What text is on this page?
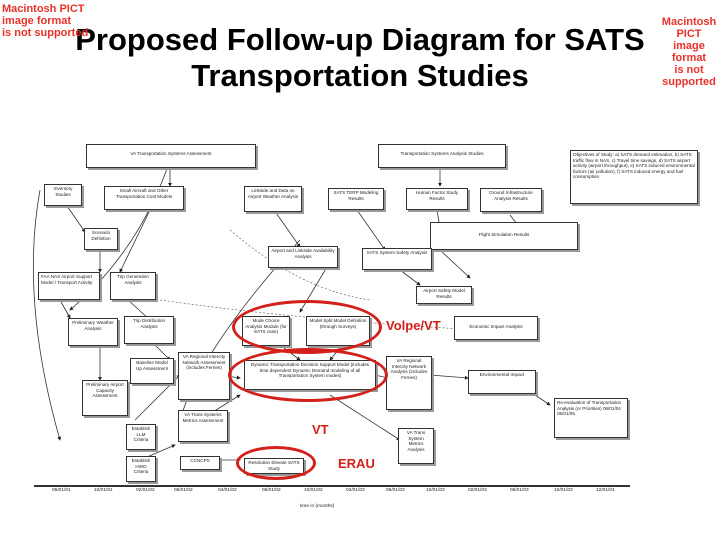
Proposed Follow-up Diagram for SATS
Transportation Studies
Macintosh PICT
image format
is not supported
Macintosh PICT
image format
is not supported
VA Transportation Systems Assessment	Transportation Systems Analysis Studies	Objectives of Study: a) SATS demand estimation, b) SATS traffic flow in NAS, c) Travel time savings, d) SATS airport activity (airport throughput), e) SATS induced environmental factors (air pollution), f) SATS induced energy and fuel consumption
Inventory Studies
Small Aircraft and Other Transportation Cost Models
Linkside and Data on Airport Weather Analysis
SATS TERP Modeling Results
Human Factor Study Results
Ground Infrastructure Analysis Results
Scenario Definition
Flight Simulation Results
Airport and Linkside Availability Analysis
SATS System Safety Analysis
FAA NAS Airport Support Model / Transport Activity
Trip Generation Analysis
Airport Safety Model Results
Preliminary Weather Analysis
Trip Distribution Analysis
Mode Choice Analysis Module (for SATS case)
Model Split Model Definition (through Surveys)	Economic Impact Analysis
Baseline Model Up Assessment
VA Regional Intercity Network Assessment (includes Ferries)
Dynamic Transportation Decision Support Model (includes time dependent Dynamic Demand modeling of all Transportation System modes)
VA Regional Intercity Network Analysis (includes Ferries)
Environmental Impact
Preliminary Airport Capacity Assessment
VA Trans Systems Metrics Assessment
Re-evaluation of Transportation Analysis (or Priorities) 06/01/04 05/01/05
Establish LLM Criteria
VA Trans System Metrics Analysis
Establish HWO Criteria
CCNCPS	Resolution Elevate SATS Study
Volpe/VT
VT
ERAU
06/01/01	10/01/01	02/01/02	06/01/02	04/01/02	06/01/02	10/01/02	02/01/03	06/01/03	10/01/03	02/01/03	06/01/03	10/01/03	12/01/04
time in (months)
